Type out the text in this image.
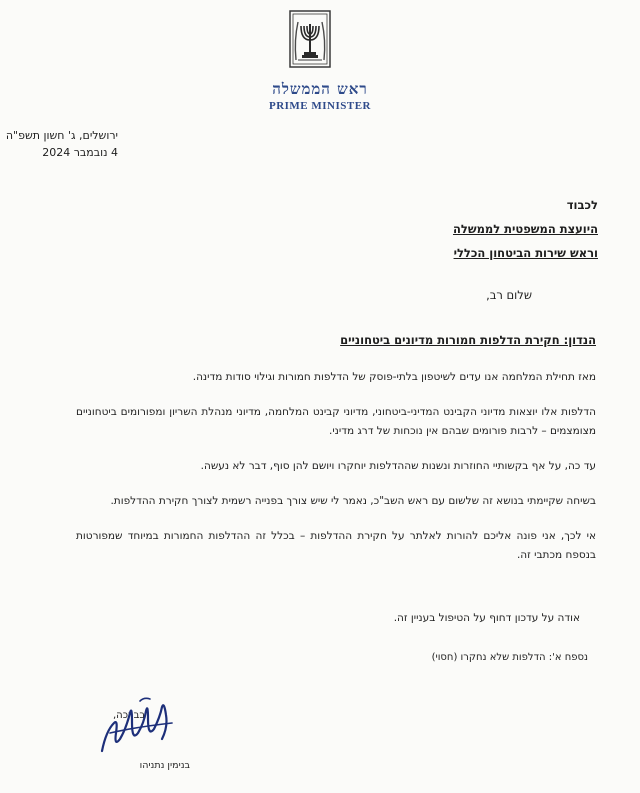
ראש הממשלה
PRIME MINISTER
ירושלים, ג' חשון תשפ"ה
4 נובמבר 2024
לכבוד
היועצת המשפטית לממשלה
וראש שירות הביטחון הכללי
שלום רב,
הנדון: חקירת הדלפות חמורות מדיונים ביטחוניים

מאז תחילת המלחמה אנו עדים לשיטפון בלתי-פוסק של הדלפות חמורות וגילוי סודות מדינה.

הדלפות אלו יוצאות מדיוני הקבינט המדיני-ביטחוני, מדיוני קבינט המלחמה, מדיוני מנהלת השריון ומפורומים ביטחוניים מצומצמים – לרבות פורומים שבהם אין נוכחות של דרג מדיני.

עד כה, על אף בקשותיי החוזרות ונשנות שההדלפות יוחקרו ויושם להן סוף, דבר לא נעשה.

בשיחה שקיימתי בנושא זה שלשום עם ראש השב"כ, נאמר לי שיש צורך בפנייה רשמית לצורך חקירת ההדלפות.

אי לכך, אני פונה אליכם להורות לאלתר על חקירת ההדלפות – בכלל זה ההדלפות החמורות במיוחד שמפורטות בנספח מכתבי זה.

אודה על עדכון דחוף על הטיפול בעניין זה.
נספח א': הדלפות שלא נחקרו (חסוי)
בברכה,
בנימין נתניהו
